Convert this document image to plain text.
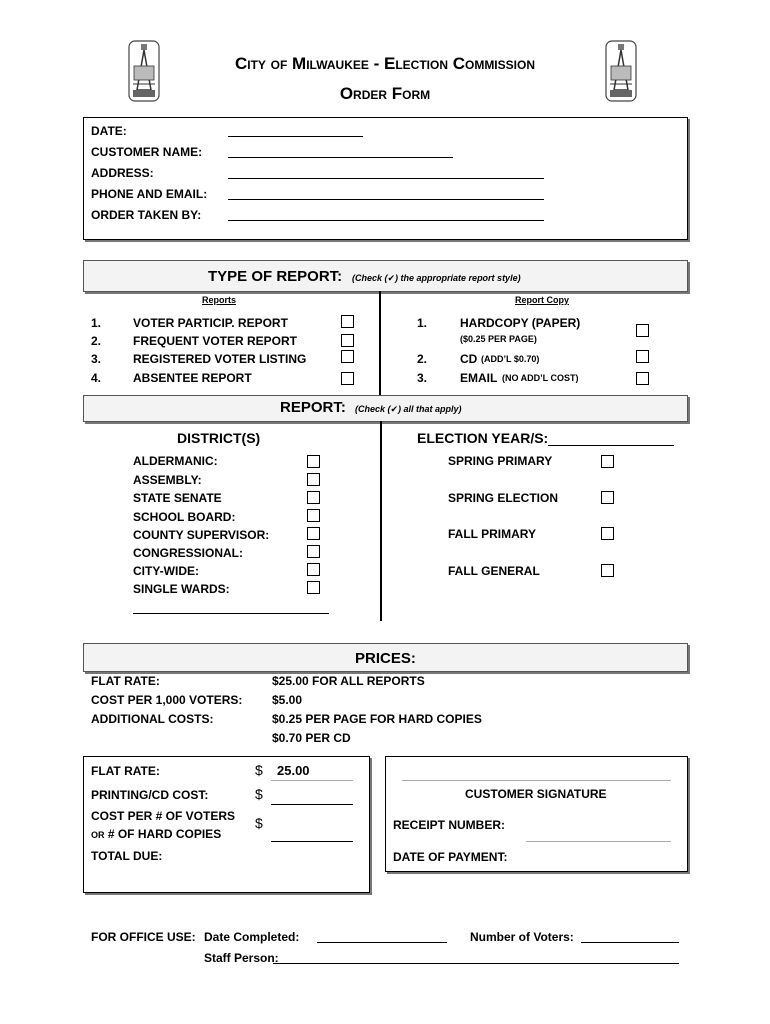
City of Milwaukee - Election Commission
Order Form
DATE:
CUSTOMER NAME:
ADDRESS:
PHONE AND EMAIL:
ORDER TAKEN BY:
TYPE OF REPORT: (Check (✔) the appropriate report style)
Reports	Report Copy
1.	VOTER PARTICIP. REPORT
2.	FREQUENT VOTER REPORT
3.	REGISTERED VOTER LISTING
4.	ABSENTEE REPORT
1.	HARDCOPY (PAPER)
($0.25 PER PAGE)
2.	CD (ADD’L $0.70)
3.	EMAIL (NO ADD’L COST)
REPORT: (Check (✔) all that apply)
DISTRICT(S)
ALDERMANIC:
ASSEMBLY:
STATE SENATE
SCHOOL BOARD:
COUNTY SUPERVISOR:
CONGRESSIONAL:
CITY-WIDE:
SINGLE WARDS:
ELECTION YEAR/S:
SPRING PRIMARY
SPRING ELECTION
FALL PRIMARY
FALL GENERAL
PRICES:
FLAT RATE:	$25.00 FOR ALL REPORTS
COST PER 1,000 VOTERS: $5.00
ADDITIONAL COSTS:	$0.25 PER PAGE FOR HARD COPIES
$0.70 PER CD
FLAT RATE:	$ 25.00
PRINTING/CD COST:	$
COST PER # OF VOTERS
OR # OF HARD COPIES
$
TOTAL DUE:
CUSTOMER SIGNATURE
RECEIPT NUMBER:
DATE OF PAYMENT:
FOR OFFICE USE: Date Completed:	Number of Voters:
Staff Person:
